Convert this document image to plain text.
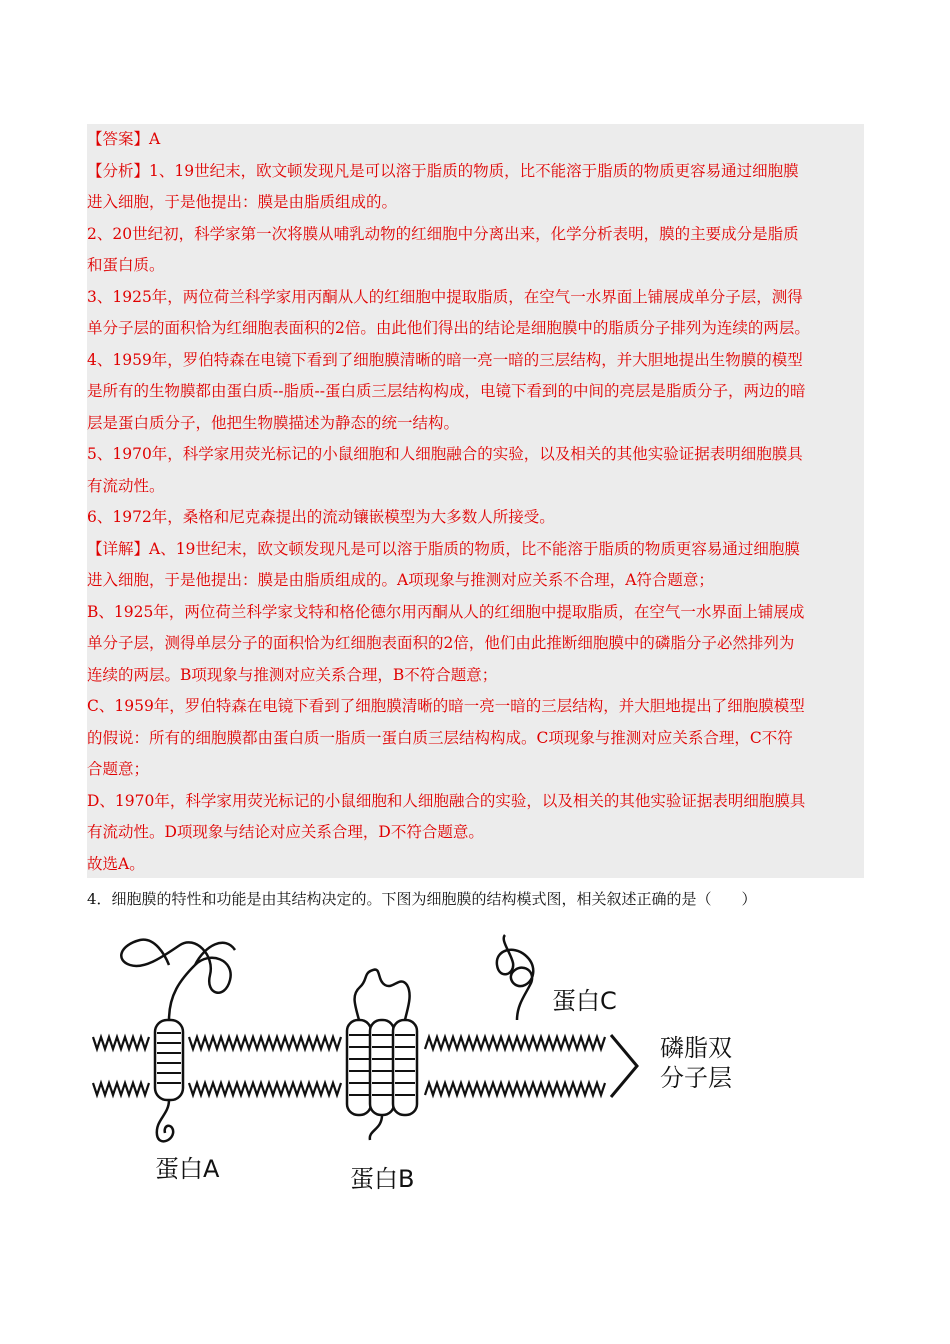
【答案】A
【分析】1、19世纪末，欧文顿发现凡是可以溶于脂质的物质，比不能溶于脂质的物质更容易通过细胞膜
进入细胞，于是他提出：膜是由脂质组成的。
2、20世纪初，科学家第一次将膜从哺乳动物的红细胞中分离出来，化学分析表明，膜的主要成分是脂质
和蛋白质。
3、1925年，两位荷兰科学家用丙酮从人的红细胞中提取脂质，在空气一水界面上铺展成单分子层，测得
单分子层的面积恰为红细胞表面积的2倍。由此他们得出的结论是细胞膜中的脂质分子排列为连续的两层。
4、1959年，罗伯特森在电镜下看到了细胞膜清晰的暗一亮一暗的三层结构，并大胆地提出生物膜的模型
是所有的生物膜都由蛋白质--脂质--蛋白质三层结构构成，电镜下看到的中间的亮层是脂质分子，两边的暗
层是蛋白质分子，他把生物膜描述为静态的统一结构。
5、1970年，科学家用荧光标记的小鼠细胞和人细胞融合的实验，以及相关的其他实验证据表明细胞膜具
有流动性。
6、1972年，桑格和尼克森提出的流动镶嵌模型为大多数人所接受。
【详解】A、19世纪末，欧文顿发现凡是可以溶于脂质的物质，比不能溶于脂质的物质更容易通过细胞膜
进入细胞，于是他提出：膜是由脂质组成的。A项现象与推测对应关系不合理，A符合题意；
B、1925年，两位荷兰科学家戈特和格伦德尔用丙酮从人的红细胞中提取脂质，在空气一水界面上铺展成
单分子层，测得单层分子的面积恰为红细胞表面积的2倍，他们由此推断细胞膜中的磷脂分子必然排列为
连续的两层。B项现象与推测对应关系合理，B不符合题意；
C、1959年，罗伯特森在电镜下看到了细胞膜清晰的暗一亮一暗的三层结构，并大胆地提出了细胞膜模型
的假说：所有的细胞膜都由蛋白质一脂质一蛋白质三层结构构成。C项现象与推测对应关系合理，C不符
合题意；
D、1970年，科学家用荧光标记的小鼠细胞和人细胞融合的实验，以及相关的其他实验证据表明细胞膜具
有流动性。D项现象与结论对应关系合理，D不符合题意。
故选A。
4．细胞膜的特性和功能是由其结构决定的。下图为细胞膜的结构模式图，相关叙述正确的是（　　）
蛋白C
磷脂双
分子层
蛋白A	蛋白B
